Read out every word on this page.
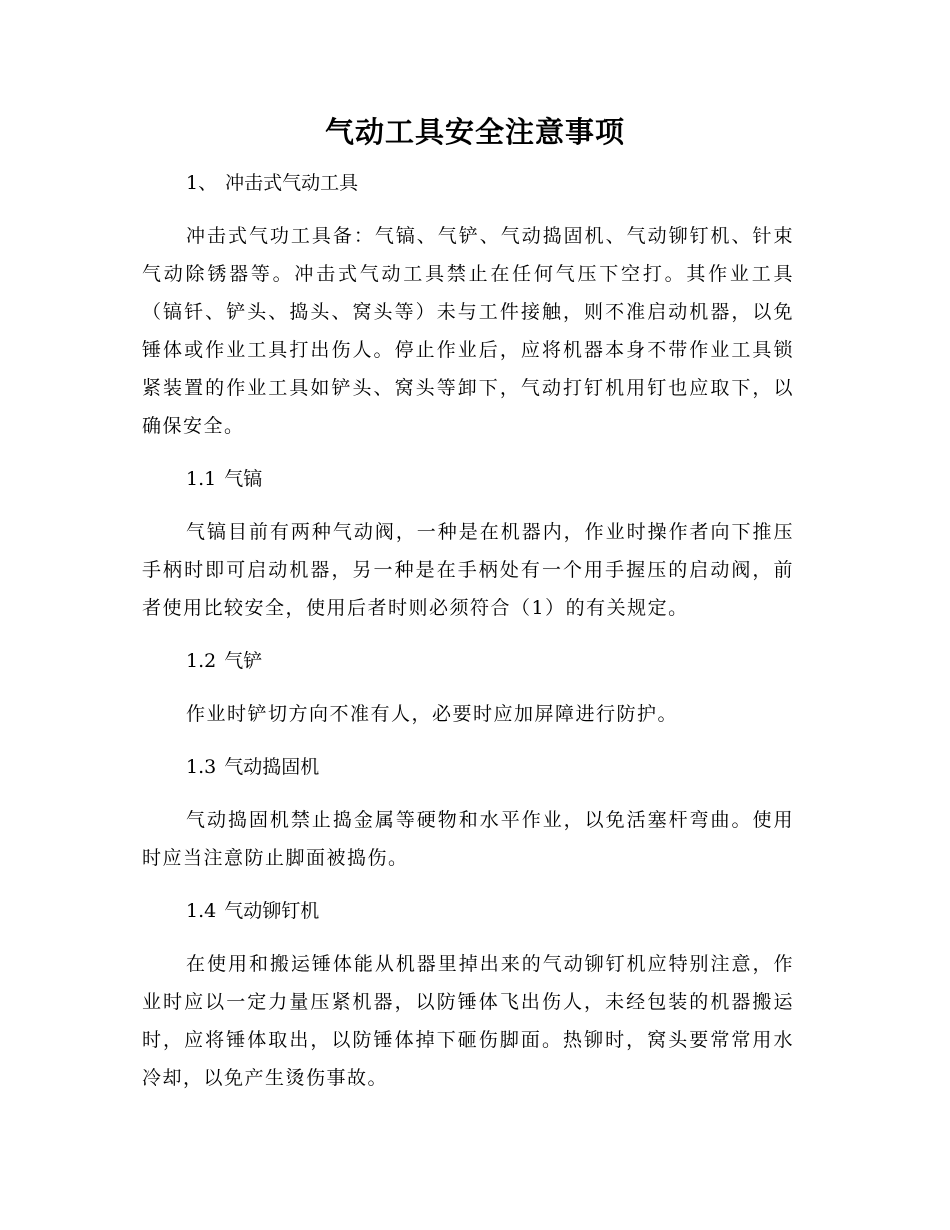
气动工具安全注意事项

1、 冲击式气动工具

冲击式气功工具备：气镐、气铲、气动捣固机、气动铆钉机、针束气动除锈器等。冲击式气动工具禁止在任何气压下空打。其作业工具（镐钎、铲头、捣头、窝头等）未与工件接触，则不准启动机器，以免锤体或作业工具打出伤人。停止作业后，应将机器本身不带作业工具锁紧装置的作业工具如铲头、窝头等卸下，气动打钉机用钉也应取下，以确保安全。

1.1 气镐

气镐目前有两种气动阀，一种是在机器内，作业时操作者向下推压手柄时即可启动机器，另一种是在手柄处有一个用手握压的启动阀，前者使用比较安全，使用后者时则必须符合（1）的有关规定。

1.2 气铲

作业时铲切方向不准有人，必要时应加屏障进行防护。

1.3 气动捣固机

气动捣固机禁止捣金属等硬物和水平作业，以免活塞杆弯曲。使用时应当注意防止脚面被捣伤。

1.4 气动铆钉机

在使用和搬运锤体能从机器里掉出来的气动铆钉机应特别注意，作业时应以一定力量压紧机器，以防锤体飞出伤人，未经包装的机器搬运时，应将锤体取出，以防锤体掉下砸伤脚面。热铆时，窝头要常常用水冷却，以免产生烫伤事故。
